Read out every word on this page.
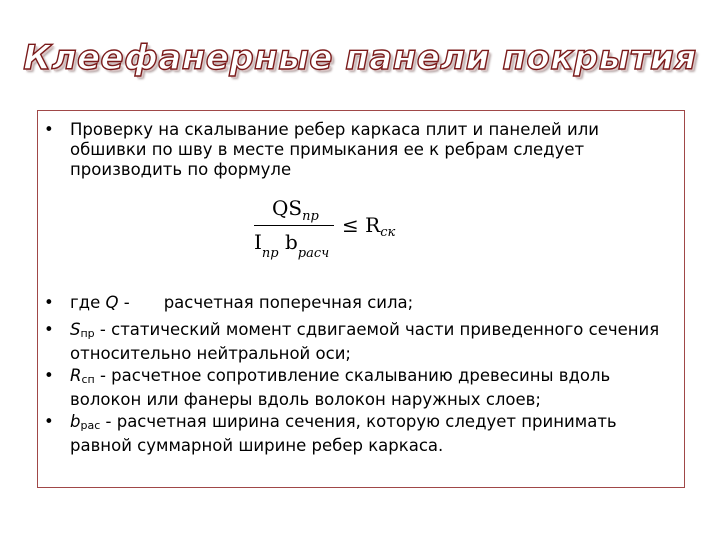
Клеефанерные панели покрытия
• Проверку на скалывание ребер каркаса плит и панелей или обшивки по шву в месте примыкания ее к ребрам следует производить по формуле
$QS_{пр}$
$I_{пр}$ $b_{расч}$
≤ $R_{ск}$
• где Q - расчетная поперечная сила;
• Sпр - статический момент сдвигаемой части приведенного сечения относительно нейтральной оси;
• Rсп - расчетное сопротивление скалыванию древесины вдоль волокон или фанеры вдоль волокон наружных слоев;
• bрас - расчетная ширина сечения, которую следует принимать равной суммарной ширине ребер каркаса.
